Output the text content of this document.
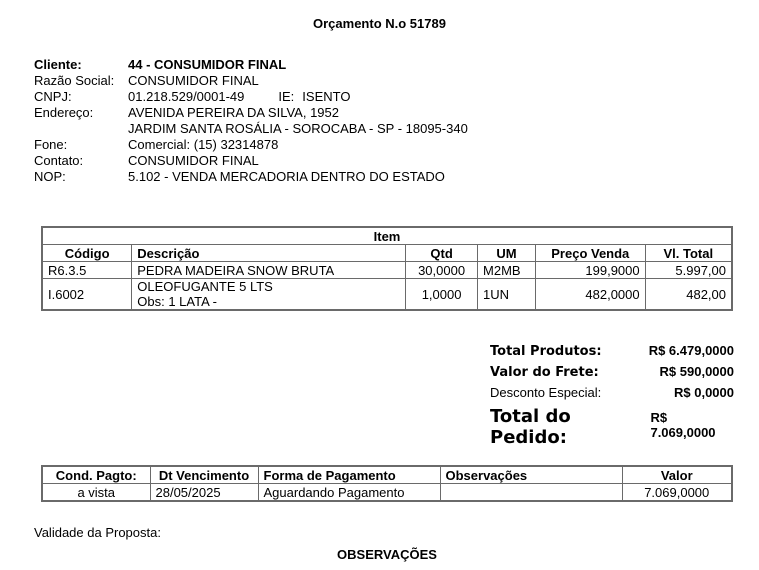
Orçamento N.o 51789
Cliente:	44 - CONSUMIDOR FINAL
Razão Social:	CONSUMIDOR FINAL
CNPJ:	01.218.529/0001-49	IE: ISENTO
Endereço:	AVENIDA PEREIRA DA SILVA, 1952
JARDIM SANTA ROSÁLIA - SOROCABA - SP - 18095-340
Fone:	Comercial: (15) 32314878
Contato:	CONSUMIDOR FINAL
NOP:	5.102 - VENDA MERCADORIA DENTRO DO ESTADO
Item					
Código	Descrição	Qtd	UM	Preço Venda	Vl. Total
R6.3.5	PEDRA MADEIRA SNOW BRUTA	30,0000	M2MB	199,9000	5.997,00
I.6002	OLEOFUGANTE 5 LTS
Obs: 1 LATA -	1,0000	1UN	482,0000	482,00
Total Produtos:	R$ 6.479,0000
Valor do Frete:	R$ 590,0000
Desconto Especial:	R$ 0,0000
Total do Pedido:
R$ 7.069,0000
Cond. Pagto:	Dt Vencimento	Forma de Pagamento	Observações	Valor
a vista	28/05/2025	Aguardando Pagamento		7.069,0000
Validade da Proposta:
OBSERVAÇÕES
